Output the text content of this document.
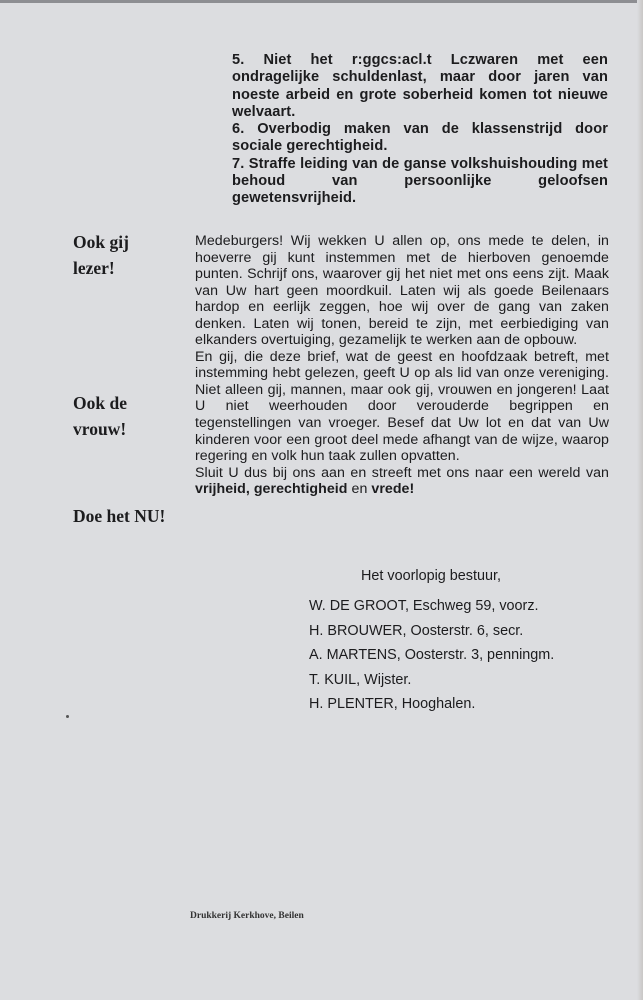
5. Niet het r:ggcs:acl.t Lczwaren met een ondragelijke schuldenlast, maar door jaren van noeste arbeid en grote soberheid komen tot nieuwe welvaart.

6. Overbodig maken van de klassenstrijd door sociale gerechtigheid.

7. Straffe leiding van de ganse volkshuishouding met behoud van persoonlijke geloofsen gewetensvrijheid.

Ook gij lezer!
Ook de vrouw!
Doe het NU!

Medeburgers! Wij wekken U allen op, ons mede te delen, in hoeverre gij kunt instemmen met de hierboven genoemde punten. Schrijf ons, waarover gij het niet met ons eens zijt. Maak van Uw hart geen moordkuil. Laten wij als goede Beilenaars hardop en eerlijk zeggen, hoe wij over de gang van zaken denken. Laten wij tonen, bereid te zijn, met eerbiediging van elkanders overtuiging, gezamelijk te werken aan de opbouw.

En gij, die deze brief, wat de geest en hoofdzaak betreft, met instemming hebt gelezen, geeft U op als lid van onze vereniging. Niet alleen gij, mannen, maar ook gij, vrouwen en jongeren! Laat U niet weerhouden door verouderde begrippen en tegenstellingen van vroeger. Besef dat Uw lot en dat van Uw kinderen voor een groot deel mede afhangt van de wijze, waarop regering en volk hun taak zullen opvatten.

Sluit U dus bij ons aan en streeft met ons naar een wereld van vrijheid, gerechtigheid en vrede!

Het voorlopig bestuur,
W. DE GROOT, Eschweg 59, voorz.
H. BROUWER, Oosterstr. 6, secr.
A. MARTENS, Oosterstr. 3, penningm.
T. KUIL, Wijster.
H. PLENTER, Hooghalen.
Drukkerij Kerkhove, Beilen
